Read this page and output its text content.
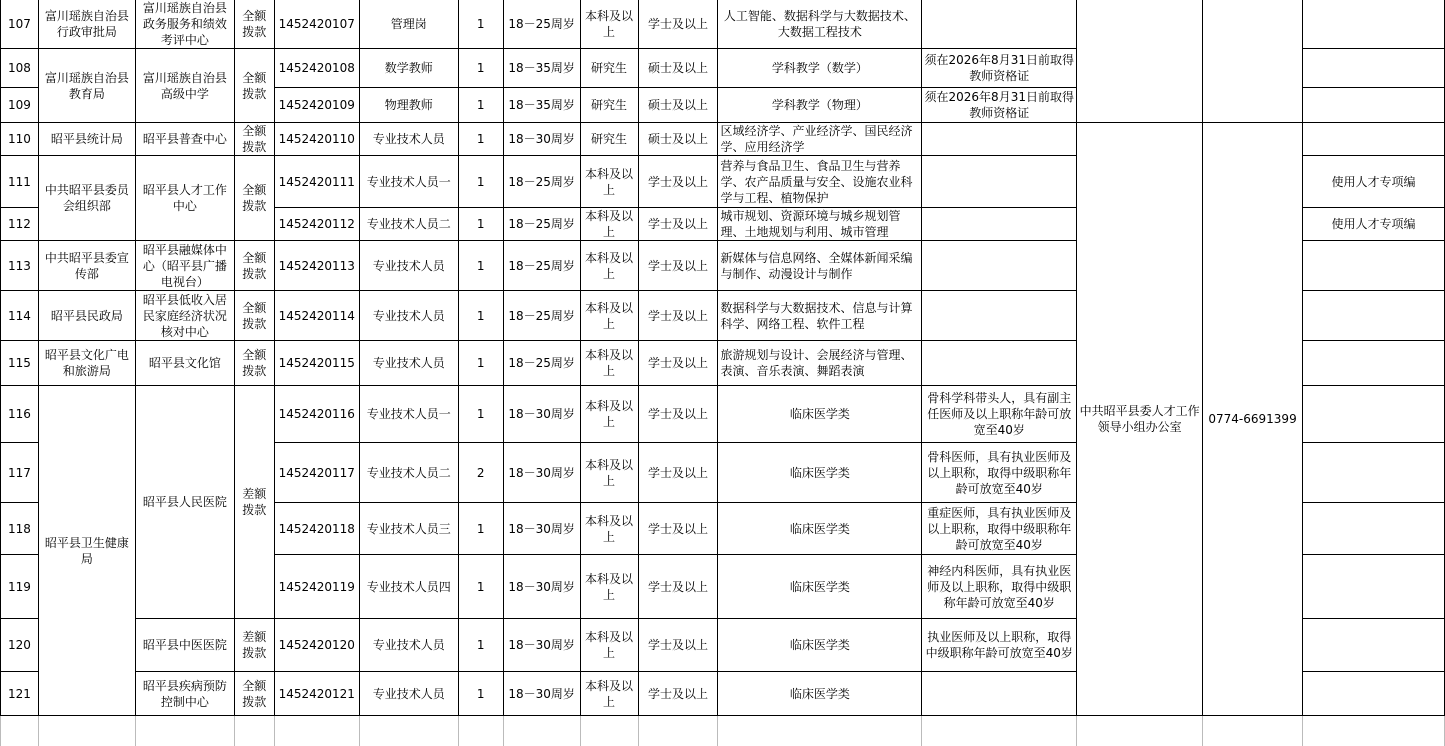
107	富川瑶族自治县行政审批局	富川瑶族自治县政务服务和绩效考评中心	全额拨款	1452420107	管理岗	1	18－25周岁	本科及以上	学士及以上	人工智能、数据科学与大数据技术、大数据工程技术				
108	富川瑶族自治县教育局	富川瑶族自治县高级中学	全额拨款	1452420108	数学教师	1	18－35周岁	研究生	硕士及以上	学科教学（数学）	须在2026年8月31日前取得教师资格证			
109				1452420109	物理教师	1	18－35周岁	研究生	硕士及以上	学科教学（物理）	须在2026年8月31日前取得教师资格证			
110	昭平县统计局	昭平县普查中心	全额拨款	1452420110	专业技术人员	1	18－30周岁	研究生	硕士及以上	区域经济学、产业经济学、国民经济学、应用经济学		中共昭平县委人才工作领导小组办公室	0774-6691399	
111	中共昭平县委员会组织部	昭平县人才工作中心	全额拨款	1452420111	专业技术人员一	1	18－25周岁	本科及以上	学士及以上	营养与食品卫生、食品卫生与营养学、农产品质量与安全、设施农业科学与工程、植物保护				使用人才专项编
112				1452420112	专业技术人员二	1	18－25周岁	本科及以上	学士及以上	城市规划、资源环境与城乡规划管理、土地规划与利用、城市管理				使用人才专项编
113	中共昭平县委宣传部	昭平县融媒体中心（昭平县广播电视台）	全额拨款	1452420113	专业技术人员	1	18－25周岁	本科及以上	学士及以上	新媒体与信息网络、全媒体新闻采编与制作、动漫设计与制作				
114	昭平县民政局	昭平县低收入居民家庭经济状况核对中心	全额拨款	1452420114	专业技术人员	1	18－25周岁	本科及以上	学士及以上	数据科学与大数据技术、信息与计算科学、网络工程、软件工程				
115	昭平县文化广电和旅游局	昭平县文化馆	全额拨款	1452420115	专业技术人员	1	18－25周岁	本科及以上	学士及以上	旅游规划与设计、会展经济与管理、表演、音乐表演、舞蹈表演				
116	昭平县卫生健康局	昭平县人民医院	差额拨款	1452420116	专业技术人员一	1	18－30周岁	本科及以上	学士及以上	临床医学类	骨科学科带头人，具有副主任医师及以上职称年龄可放宽至40岁			
117				1452420117	专业技术人员二	2	18－30周岁	本科及以上	学士及以上	临床医学类	骨科医师，具有执业医师及以上职称，取得中级职称年龄可放宽至40岁			
118				1452420118	专业技术人员三	1	18－30周岁	本科及以上	学士及以上	临床医学类	重症医师，具有执业医师及以上职称，取得中级职称年龄可放宽至40岁			
119				1452420119	专业技术人员四	1	18－30周岁	本科及以上	学士及以上	临床医学类	神经内科医师，具有执业医师及以上职称，取得中级职称年龄可放宽至40岁			
120		昭平县中医医院	差额拨款	1452420120	专业技术人员	1	18－30周岁	本科及以上	学士及以上	临床医学类	执业医师及以上职称，取得中级职称年龄可放宽至40岁			
121		昭平县疾病预防控制中心	全额拨款	1452420121	专业技术人员	1	18－30周岁	本科及以上	学士及以上	临床医学类				
